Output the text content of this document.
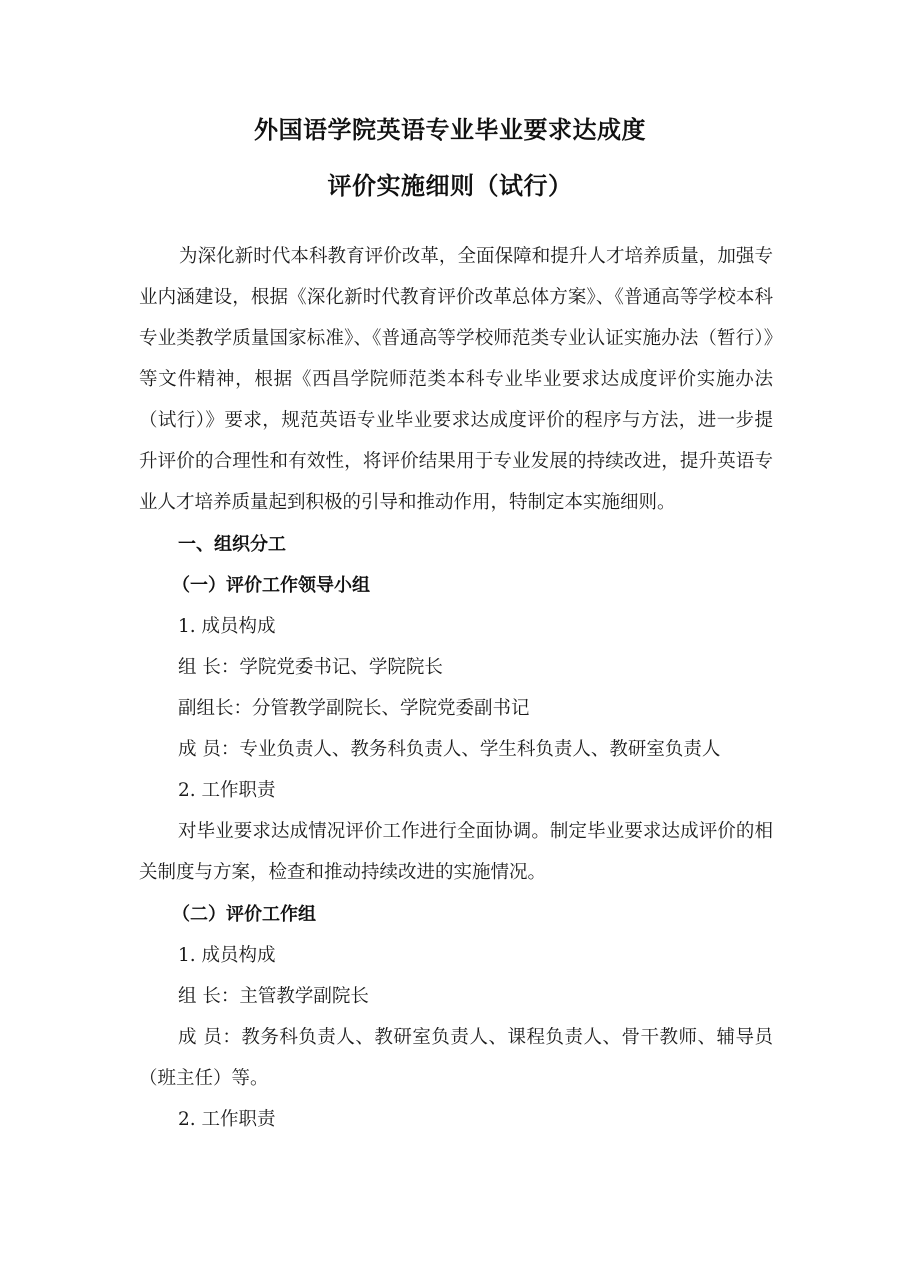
外国语学院英语专业毕业要求达成度
评价实施细则（试行）
为深化新时代本科教育评价改革，全面保障和提升人才培养质量，加强专业内涵建设，根据《深化新时代教育评价改革总体方案》、《普通高等学校本科专业类教学质量国家标准》、《普通高等学校师范类专业认证实施办法（暂行）》等文件精神，根据《西昌学院师范类本科专业毕业要求达成度评价实施办法（试行）》要求，规范英语专业毕业要求达成度评价的程序与方法，进一步提升评价的合理性和有效性，将评价结果用于专业发展的持续改进，提升英语专业人才培养质量起到积极的引导和推动作用，特制定本实施细则。
一、组织分工
（一）评价工作领导小组
1. 成员构成
组 长：学院党委书记、学院院长
副组长：分管教学副院长、学院党委副书记
成 员：专业负责人、教务科负责人、学生科负责人、教研室负责人
2. 工作职责
对毕业要求达成情况评价工作进行全面协调。制定毕业要求达成评价的相关制度与方案，检查和推动持续改进的实施情况。
（二）评价工作组
1. 成员构成
组 长：主管教学副院长
成 员：教务科负责人、教研室负责人、课程负责人、骨干教师、辅导员（班主任）等。
2. 工作职责
